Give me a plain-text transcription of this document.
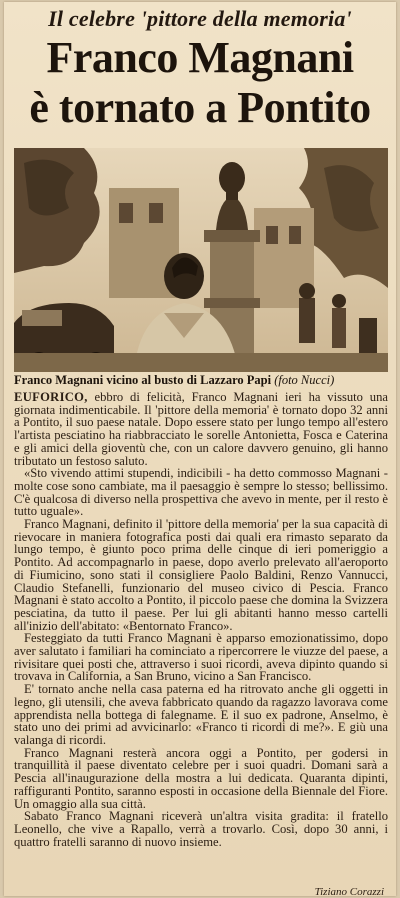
Il celebre 'pittore della memoria'
Franco Magnani
è tornato a Pontito
Franco Magnani vicino al busto di Lazzaro Papi (foto Nucci)

EUFORICO, ebbro di felicità, Franco Magnani ieri ha vissuto una giornata indimenticabile. Il 'pittore della memoria' è tornato dopo 32 anni a Pontito, il suo paese natale. Dopo essere stato per lungo tempo all'estero l'artista pesciatino ha riabbracciato le sorelle Antonietta, Fosca e Caterina e gli amici della gioventù che, con un calore davvero genuino, gli hanno tributato un festoso saluto.

«Sto vivendo attimi stupendi, indicibili - ha detto commosso Magnani - molte cose sono cambiate, ma il paesaggio è sempre lo stesso; bellissimo. C'è qualcosa di diverso nella prospettiva che avevo in mente, per il resto è tutto uguale».

Franco Magnani, definito il 'pittore della memoria' per la sua capacità di rievocare in maniera fotografica posti dai quali era rimasto separato da lungo tempo, è giunto poco prima delle cinque di ieri pomeriggio a Pontito. Ad accompagnarlo in paese, dopo averlo prelevato all'aeroporto di Fiumicino, sono stati il consigliere Paolo Baldini, Renzo Vannucci, Claudio Stefanelli, funzionario del museo civico di Pescia. Franco Magnani è stato accolto a Pontito, il piccolo paese che domina la Svizzera pesciatina, da tutto il paese. Per lui gli abitanti hanno messo cartelli all'inizio dell'abitato: «Bentornato Franco».

Festeggiato da tutti Franco Magnani è apparso emozionatissimo, dopo aver salutato i familiari ha cominciato a ripercorrere le viuzze del paese, a rivisitare quei posti che, attraverso i suoi ricordi, aveva dipinto quando si trovava in California, a San Bruno, vicino a San Francisco.

E' tornato anche nella casa paterna ed ha ritrovato anche gli oggetti in legno, gli utensili, che aveva fabbricato quando da ragazzo lavorava come apprendista nella bottega di falegname. E il suo ex padrone, Anselmo, è stato uno dei primi ad avvicinarlo: «Franco ti ricordi di me?». E giù una valanga di ricordi.

Franco Magnani resterà ancora oggi a Pontito, per godersi in tranquillità il paese diventato celebre per i suoi quadri. Domani sarà a Pescia all'inaugurazione della mostra a lui dedicata. Quaranta dipinti, raffiguranti Pontito, saranno esposti in occasione della Biennale del Fiore. Un omaggio alla sua città.

Sabato Franco Magnani riceverà un'altra visita gradita: il fratello Leonello, che vive a Rapallo, verrà a trovarlo. Così, dopo 30 anni, i quattro fratelli saranno di nuovo insieme.

Tiziano Corazzi
